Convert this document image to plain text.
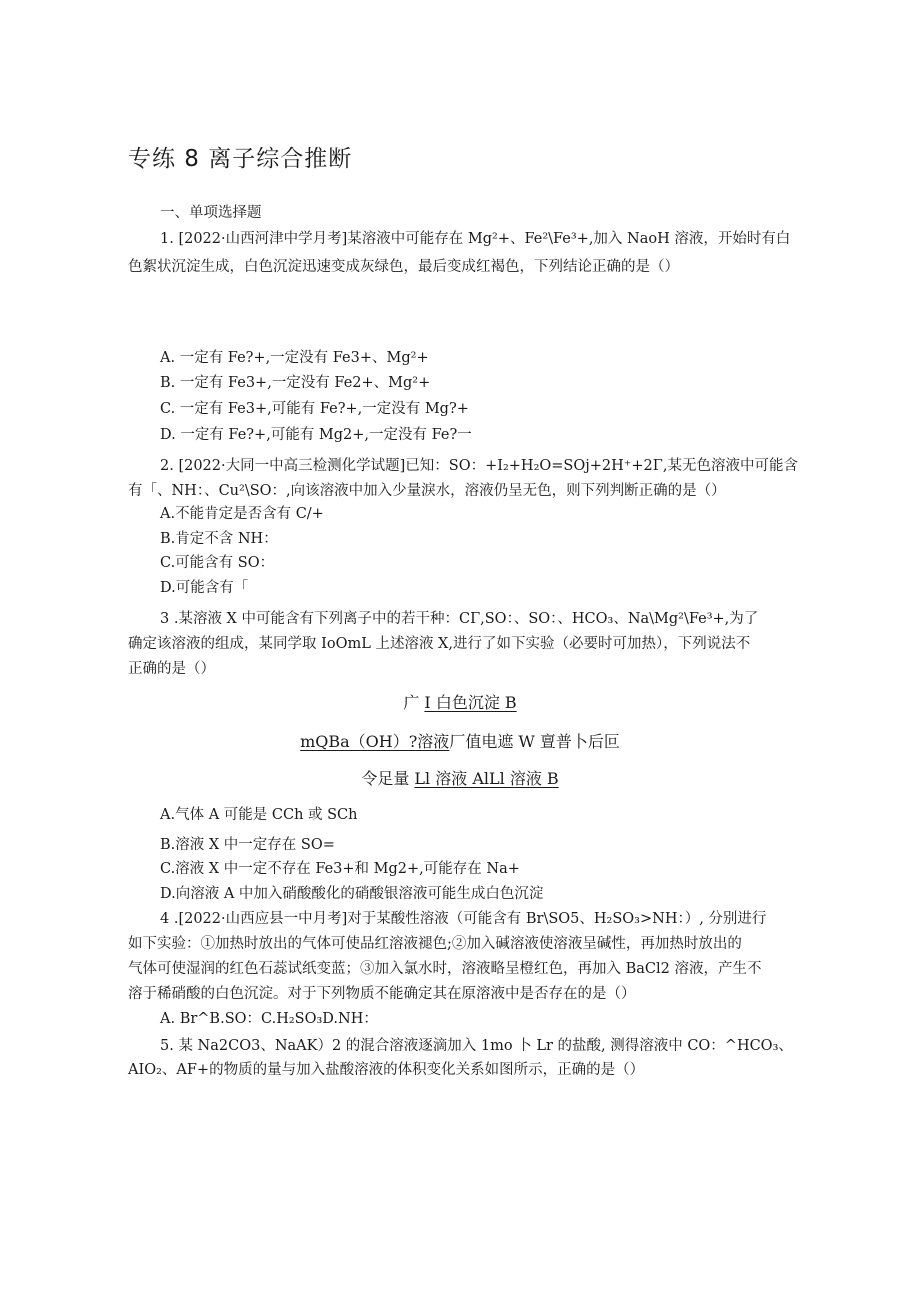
专练 8 离子综合推断
一、单项选择题
1. [2022·山西河津中学月考]某溶液中可能存在 Mg²+、Fe²\Fe³+,加入 NaoH 溶液，开始时有白
色絮状沉淀生成，白色沉淀迅速变成灰绿色，最后变成红褐色，下列结论正确的是（）
A. 一定有 Fe?+,一定没有 Fe3+、Mg²+
B. 一定有 Fe3+,一定没有 Fe2+、Mg²+
C. 一定有 Fe3+,可能有 Fe?+,一定没有 Mg?+
D. 一定有 Fe?+,可能有 Mg2+,一定没有 Fe?一
2. [2022·大同一中高三检测化学试题]已知：SO：+I₂+H₂O=SOj+2H⁺+2Γ,某无色溶液中可能含
有「、NH：、Cu²\SO：,向该溶液中加入少量淚水，溶液仍呈无色，则下列判断正确的是（）
A.不能肯定是否含有 C/+
B.肯定不含 NH：
C.可能含有 SO：
D.可能含有「
3 .某溶液 X 中可能含有下列离子中的若干种：CΓ,SO：、SO：、HCO₃、Na\Mg²\Fe³+,为了
确定该溶液的组成，某同学取 IoOmL 上述溶液 X,进行了如下实验（必要时可加热），下列说法不
正确的是（）
广 I 白色沉淀 B
mQBa（OH）?溶液厂值电遮 W 亶普卜后叵
令足量 Ll 溶液 AlLl 溶液 B
A.气体 A 可能是 CCh 或 SCh
B.溶液 X 中一定存在 SO=
C.溶液 X 中一定不存在 Fe3+和 Mg2+,可能存在 Na+
D.向溶液 A 中加入硝酸酸化的硝酸银溶液可能生成白色沉淀
4 .[2022·山西应县一中月考]对于某酸性溶液（可能含有 Br\SO5、H₂SO₃>NH：）, 分别进行
如下实验：①加热时放出的气体可使品红溶液褪色;②加入碱溶液使溶液呈碱性，再加热时放出的
气体可使湿润的红色石蕊试纸变蓝；③加入氯水时，溶液略呈橙红色，再加入 BaCl2 溶液，产生不
溶于稀硝酸的白色沉淀。对于下列物质不能确定其在原溶液中是否存在的是（）
A. Br^B.SO：C.H₂SO₃D.NH：
5. 某 Na2CO3、NaAK）2 的混合溶液逐滴加入 1mo 卜 Lr 的盐酸, 测得溶液中 CO：^HCO₃、
AIO₂、AF+的物质的量与加入盐酸溶液的体积变化关系如图所示，正确的是（）
